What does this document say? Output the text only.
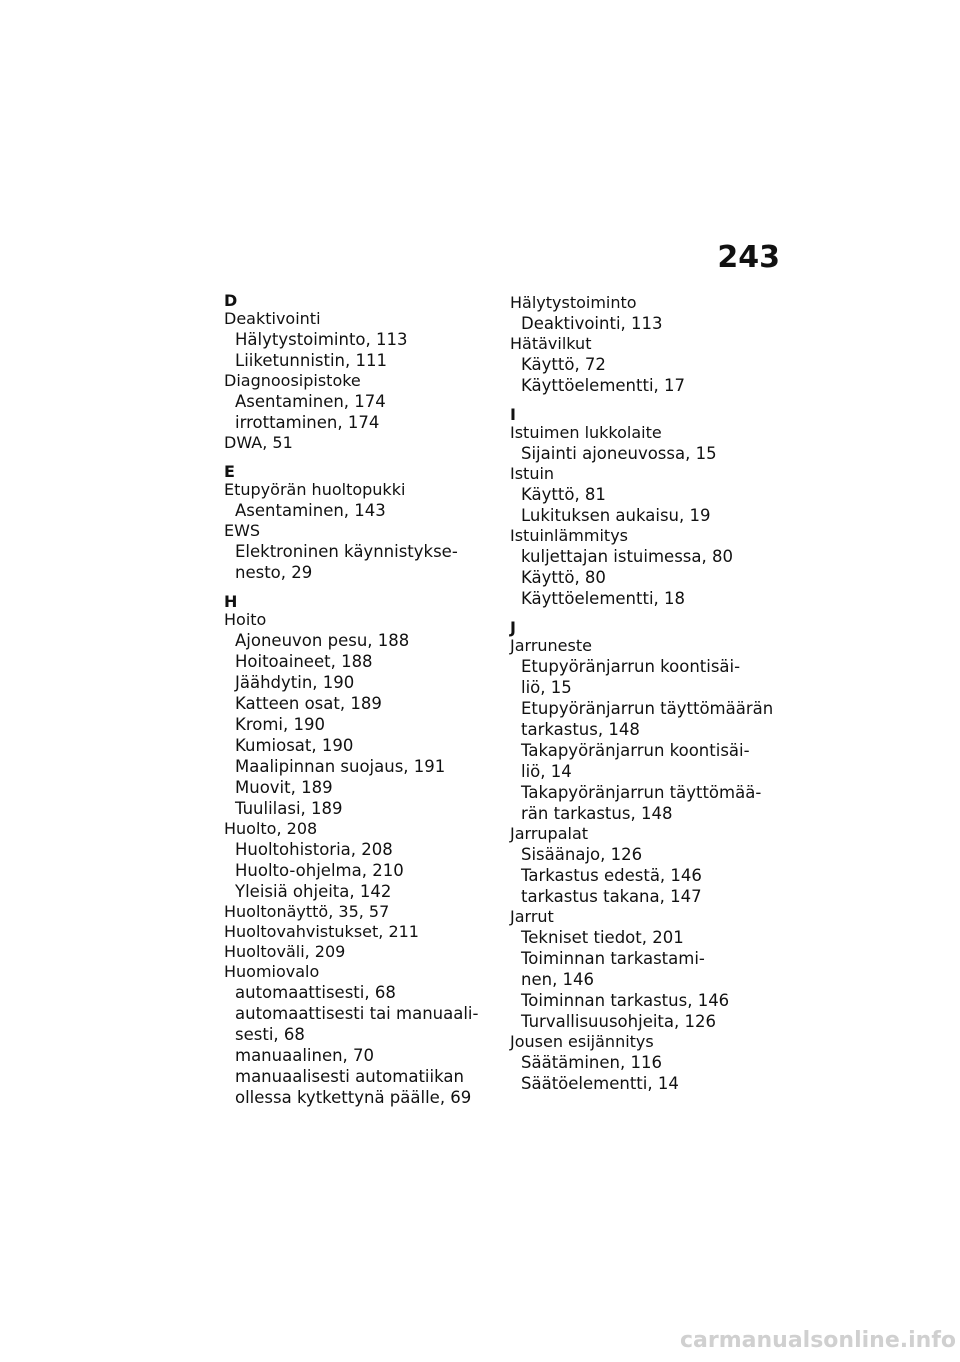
243
D
Deaktivointi
Hälytystoiminto, 113
Liiketunnistin, 111
Diagnoosipistoke
Asentaminen, 174
irrottaminen, 174
DWA, 51
E
Etupyörän huoltopukki
Asentaminen, 143
EWS
Elektroninen käynnistykse-
nesto, 29
H
Hoito
Ajoneuvon pesu, 188
Hoitoaineet, 188
Jäähdytin, 190
Katteen osat, 189
Kromi, 190
Kumiosat, 190
Maalipinnan suojaus, 191
Muovit, 189
Tuulilasi, 189
Huolto, 208
Huoltohistoria, 208
Huolto-ohjelma, 210
Yleisiä ohjeita, 142
Huoltonäyttö, 35, 57
Huoltovahvistukset, 211
Huoltoväli, 209
Huomiovalo
automaattisesti, 68
automaattisesti tai manuaali-
sesti, 68
manuaalinen, 70
manuaalisesti automatiikan
ollessa kytkettynä päälle, 69
Hälytystoiminto
Deaktivointi, 113
Hätävilkut
Käyttö, 72
Käyttöelementti, 17
I
Istuimen lukkolaite
Sijainti ajoneuvossa, 15
Istuin
Käyttö, 81
Lukituksen aukaisu, 19
Istuinlämmitys
kuljettajan istuimessa, 80
Käyttö, 80
Käyttöelementti, 18
J
Jarruneste
Etupyöränjarrun koontisäi-
liö, 15
Etupyöränjarrun täyttömäärän
tarkastus, 148
Takapyöränjarrun koontisäi-
liö, 14
Takapyöränjarrun täyttömää-
rän tarkastus, 148
Jarrupalat
Sisäänajo, 126
Tarkastus edestä, 146
tarkastus takana, 147
Jarrut
Tekniset tiedot, 201
Toiminnan tarkastami-
nen, 146
Toiminnan tarkastus, 146
Turvallisuusohjeita, 126
Jousen esijännitys
Säätäminen, 116
Säätöelementti, 14
carmanualsonline.info
